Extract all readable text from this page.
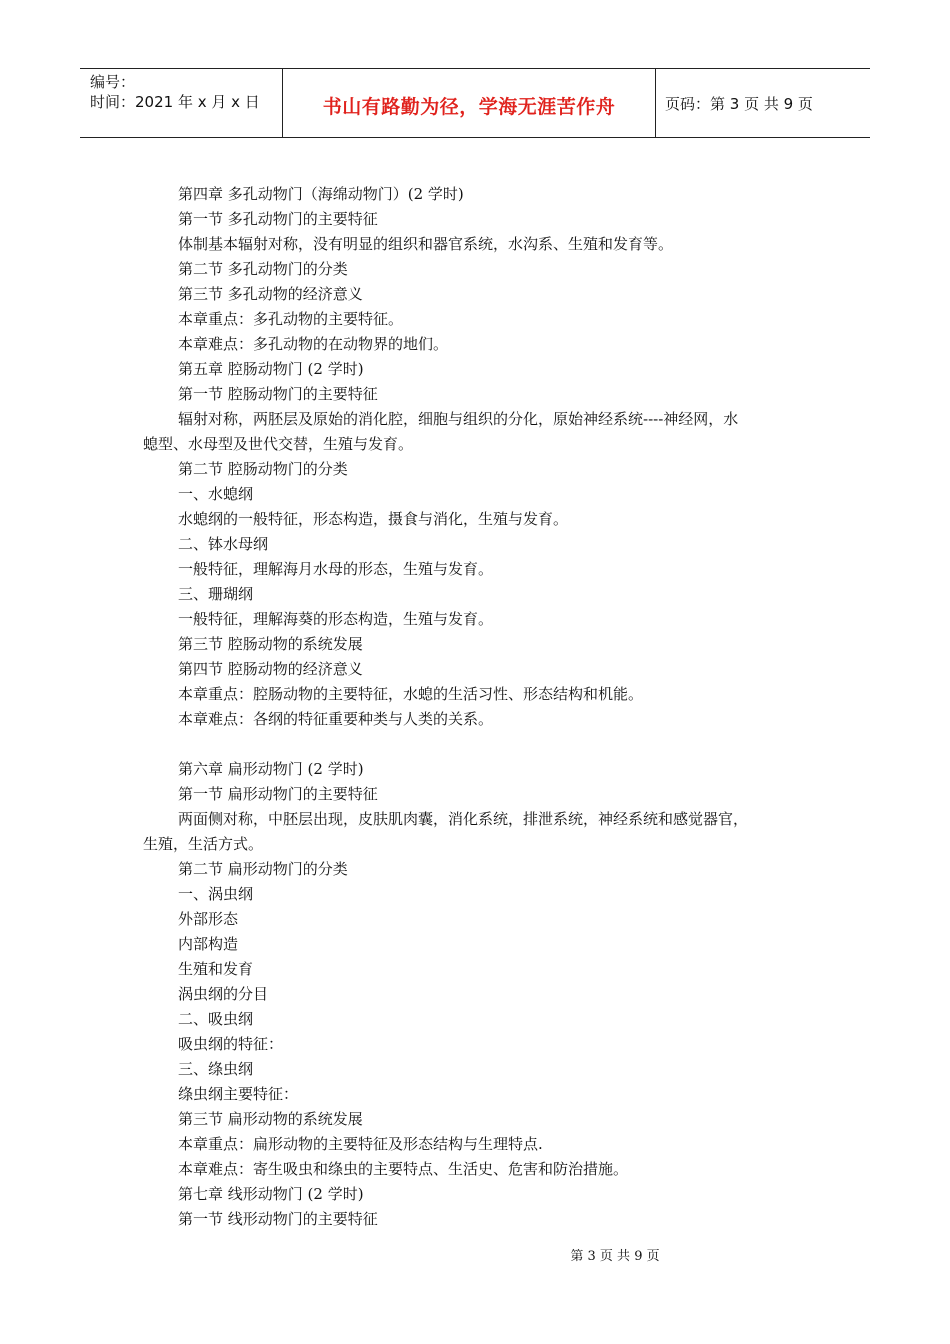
编号：
时间：2021 年 x 月 x 日	书山有路勤为径，学海无涯苦作舟	页码：第 3 页 共 9 页
第四章 多孔动物门（海绵动物门）(2 学时)
第一节 多孔动物门的主要特征
体制基本辐射对称，没有明显的组织和器官系统，水沟系、生殖和发育等。
第二节 多孔动物门的分类
第三节 多孔动物的经济意义
本章重点：多孔动物的主要特征。
本章难点：多孔动物的在动物界的地们。
第五章 腔肠动物门 (2 学时)
第一节 腔肠动物门的主要特征
辐射对称，两胚层及原始的消化腔，细胞与组织的分化，原始神经系统----神经网，水
螅型、水母型及世代交替，生殖与发育。
第二节 腔肠动物门的分类
一、水螅纲
水螅纲的一般特征，形态构造，摄食与消化，生殖与发育。
二、钵水母纲
一般特征，理解海月水母的形态，生殖与发育。
三、珊瑚纲
一般特征，理解海葵的形态构造，生殖与发育。
第三节 腔肠动物的系统发展
第四节 腔肠动物的经济意义
本章重点：腔肠动物的主要特征，水螅的生活习性、形态结构和机能。
本章难点：各纲的特征重要种类与人类的关系。
第六章 扁形动物门 (2 学时)
第一节 扁形动物门的主要特征
两面侧对称，中胚层出现，皮肤肌肉囊，消化系统，排泄系统，神经系统和感觉器官，
生殖，生活方式。
第二节 扁形动物门的分类
一、涡虫纲
外部形态
内部构造
生殖和发育
涡虫纲的分目
二、吸虫纲
吸虫纲的特征：
三、绦虫纲
绦虫纲主要特征：
第三节 扁形动物的系统发展
本章重点：扁形动物的主要特征及形态结构与生理特点.
本章难点：寄生吸虫和绦虫的主要特点、生活史、危害和防治措施。
第七章 线形动物门 (2 学时)
第一节 线形动物门的主要特征
第 3 页 共 9 页
